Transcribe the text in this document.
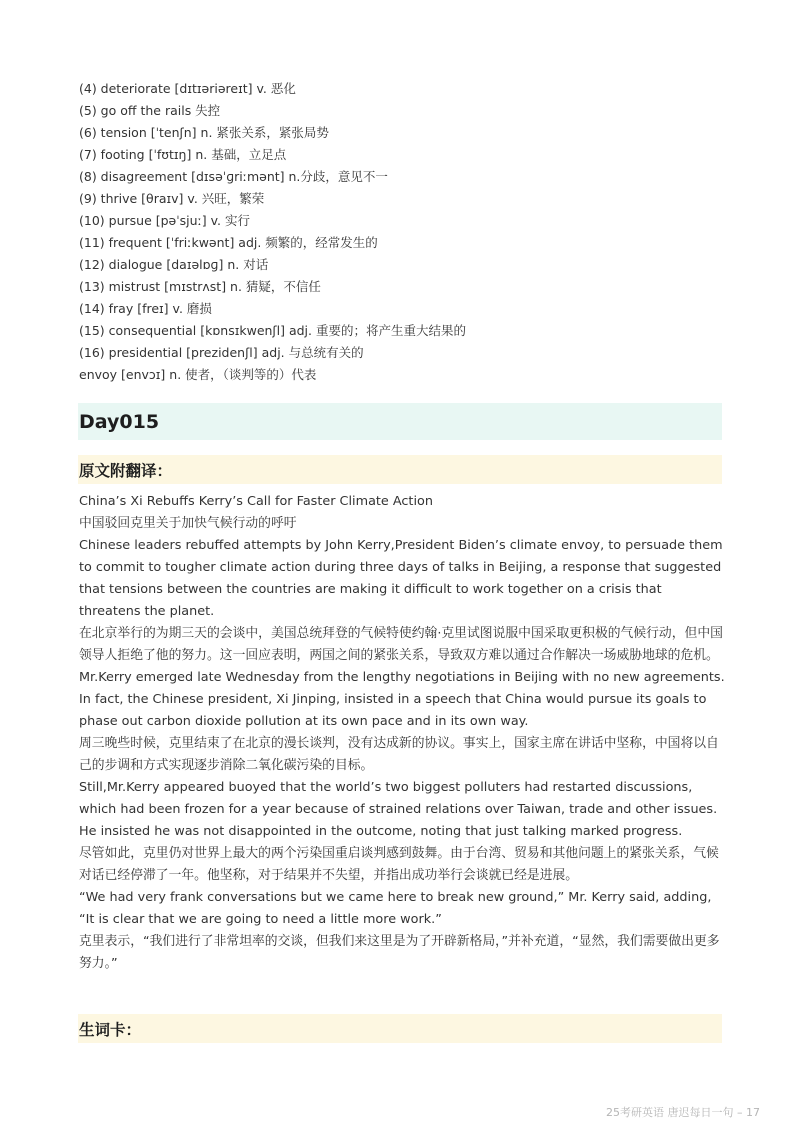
(4) deteriorate [dɪtɪəriəreɪt] v. 恶化
(5) go off the rails 失控
(6) tension [ˈtenʃn] n. 紧张关系，紧张局势
(7) footing [ˈfʊtɪŋ] n. 基础，立足点
(8) disagreement [dɪsəˈɡriːmənt] n.分歧，意见不一
(9) thrive [θraɪv] v. 兴旺，繁荣
(10) pursue [pəˈsjuː] v. 实行
(11) frequent [ˈfriːkwənt] adj. 频繁的，经常发生的
(12) dialogue [daɪəlɒɡ] n. 对话
(13) mistrust [mɪstrʌst] n. 猜疑，不信任
(14) fray [freɪ] v. 磨损
(15) consequential [kɒnsɪkwenʃl] adj. 重要的；将产生重大结果的
(16) presidential [prezidenʃl] adj. 与总统有关的
envoy [envɔɪ] n. 使者，（谈判等的）代表
Day015
原文附翻译：

China’s Xi Rebuffs Kerry’s Call for Faster Climate Action

中国驳回克里关于加快气候行动的呼吁

Chinese leaders rebuffed attempts by John Kerry,President Biden’s climate envoy, to persuade them to commit to tougher climate action during three days of talks in Beijing, a response that suggested that tensions between the countries are making it difficult to work together on a crisis that threatens the planet.

在北京举行的为期三天的会谈中，美国总统拜登的气候特使约翰·克里试图说服中国采取更积极的气候行动，但中国领导人拒绝了他的努力。这一回应表明，两国之间的紧张关系，导致双方难以通过合作解决一场威胁地球的危机。

Mr.Kerry emerged late Wednesday from the lengthy negotiations in Beijing with no new agreements. In fact, the Chinese president, Xi Jinping, insisted in a speech that China would pursue its goals to phase out carbon dioxide pollution at its own pace and in its own way.

周三晚些时候，克里结束了在北京的漫长谈判，没有达成新的协议。事实上，国家主席在讲话中坚称，中国将以自己的步调和方式实现逐步消除二氧化碳污染的目标。

Still,Mr.Kerry appeared buoyed that the world’s two biggest polluters had restarted discussions, which had been frozen for a year because of strained relations over Taiwan, trade and other issues. He insisted he was not disappointed in the outcome, noting that just talking marked progress.

尽管如此，克里仍对世界上最大的两个污染国重启谈判感到鼓舞。由于台湾、贸易和其他问题上的紧张关系，气候对话已经停滞了一年。他坚称，对于结果并不失望，并指出成功举行会谈就已经是进展。

“We had very frank conversations but we came here to break new ground,” Mr. Kerry said, adding, “It is clear that we are going to need a little more work.”

克里表示，“我们进行了非常坦率的交谈，但我们来这里是为了开辟新格局，”并补充道，“显然，我们需要做出更多努力。”

生词卡：
25考研英语 唐迟每日一句 – 17
